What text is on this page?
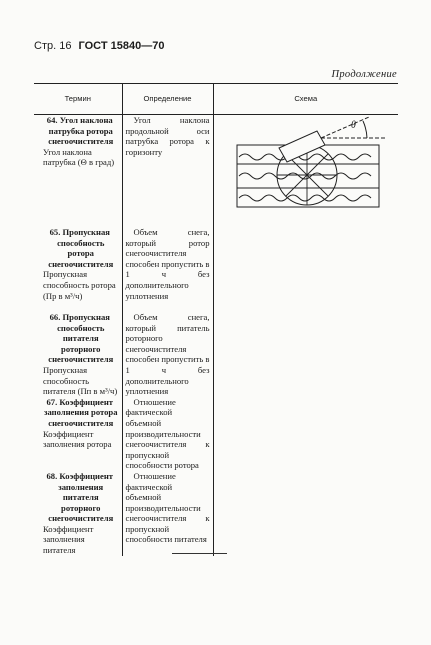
Стр. 16 ГОСТ 15840—70
Продолжение
Термин	Определение	Схема

64. Угол наклона патрубка ротора снегоочистителя
Угол наклона патрубка (Θ в град)	Угол наклона продольной оси патрубка ротора к горизонту	θ

65. Пропускная способность ротора снегоочистителя
Пропускная способность ротора (Пр в м³/ч)	Объем снега, который ротор снегоочистителя способен пропустить в 1 ч без дополнительного уплотнения	

66. Пропускная способность питателя роторного снегоочистителя
Пропускная способность питателя (Пп в м³/ч)	Объем снега, который питатель роторного снегоочистителя способен пропустить в 1 ч без дополнительного уплотнения	

67. Коэффициент заполнения ротора снегоочистителя
Коэффициент заполнения ротора	Отношение фактической объемной производительности снегоочистителя к пропускной способности ротора	

68. Коэффициент заполнения питателя роторного снегоочистителя
Коэффициент заполнения питателя	Отношение фактической объемной производительности снегоочистителя к пропускной способности питателя	
